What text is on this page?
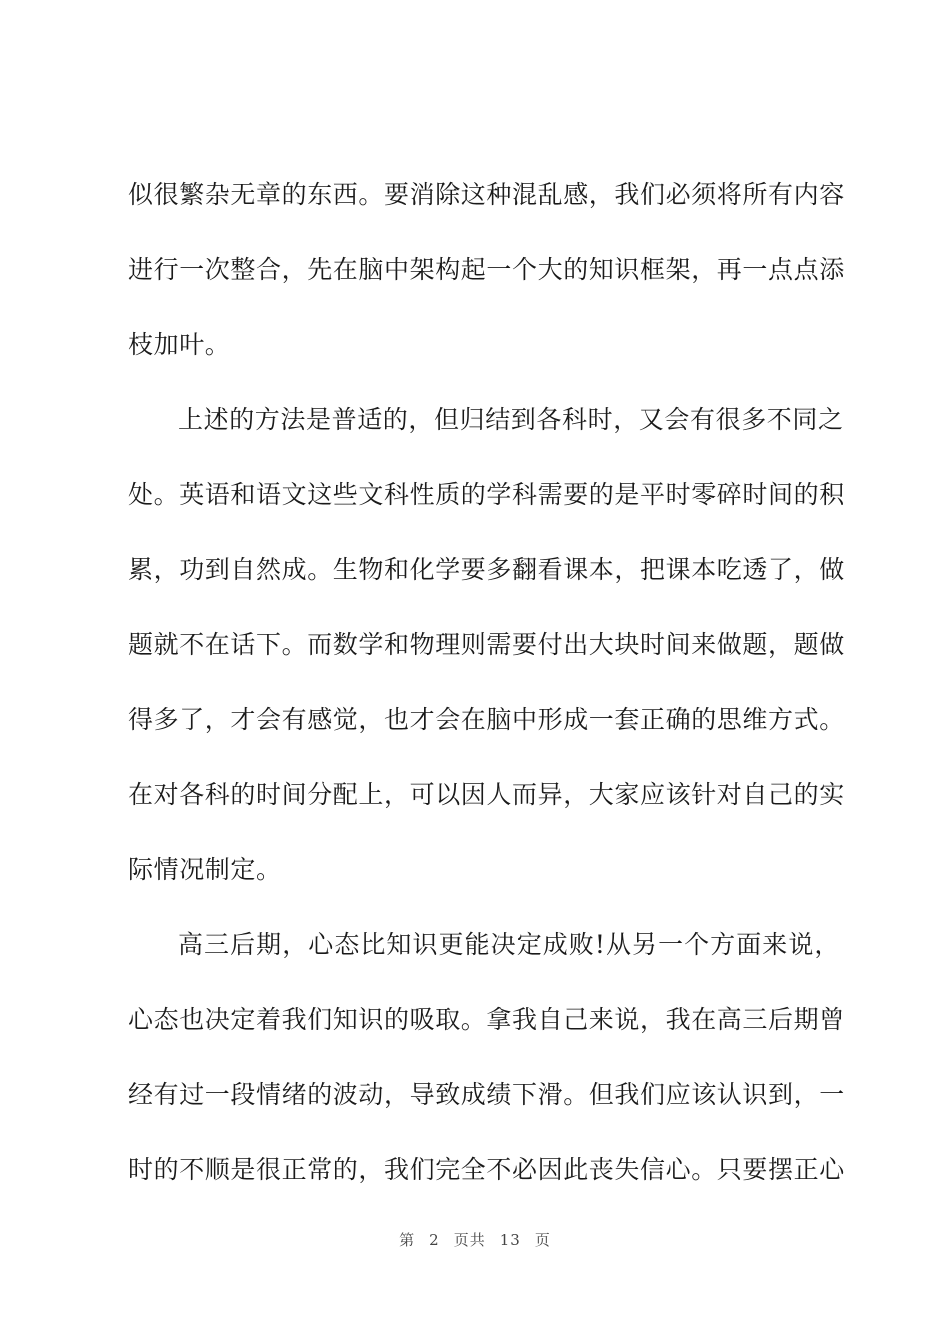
似很繁杂无章的东西。要消除这种混乱感，我们必须将所有内容
进行一次整合，先在脑中架构起一个大的知识框架，再一点点添
枝加叶。
上述的方法是普适的，但归结到各科时，又会有很多不同之
处。英语和语文这些文科性质的学科需要的是平时零碎时间的积
累，功到自然成。生物和化学要多翻看课本，把课本吃透了，做
题就不在话下。而数学和物理则需要付出大块时间来做题，题做
得多了，才会有感觉，也才会在脑中形成一套正确的思维方式。
在对各科的时间分配上，可以因人而异，大家应该针对自己的实
际情况制定。
高三后期，心态比知识更能决定成败!从另一个方面来说，
心态也决定着我们知识的吸取。拿我自己来说，我在高三后期曾
经有过一段情绪的波动，导致成绩下滑。但我们应该认识到，一
时的不顺是很正常的，我们完全不必因此丧失信心。只要摆正心
第 2 页共 13 页
